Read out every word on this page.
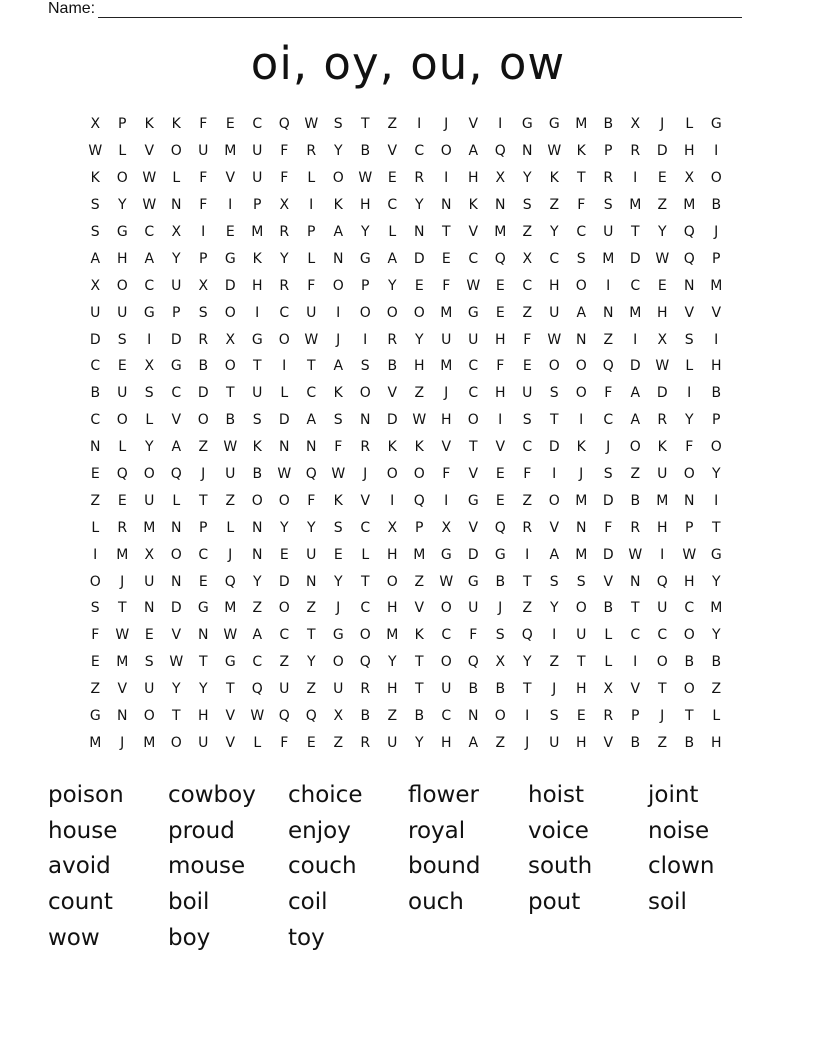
Name:
oi, oy, ou, ow
X	P	K	K	F	E	C	Q	W	S	T	Z	I	J	V	I	G	G	M	B	X	J	L	G
W	L	V	O	U	M	U	F	R	Y	B	V	C	O	A	Q	N	W	K	P	R	D	H	I
K	O	W	L	F	V	U	F	L	O	W	E	R	I	H	X	Y	K	T	R	I	E	X	O
S	Y	W	N	F	I	P	X	I	K	H	C	Y	N	K	N	S	Z	F	S	M	Z	M	B
S	G	C	X	I	E	M	R	P	A	Y	L	N	T	V	M	Z	Y	C	U	T	Y	Q	J
A	H	A	Y	P	G	K	Y	L	N	G	A	D	E	C	Q	X	C	S	M	D	W	Q	P
X	O	C	U	X	D	H	R	F	O	P	Y	E	F	W	E	C	H	O	I	C	E	N	M
U	U	G	P	S	O	I	C	U	I	O	O	O	M	G	E	Z	U	A	N	M	H	V	V
D	S	I	D	R	X	G	O	W	J	I	R	Y	U	U	H	F	W	N	Z	I	X	S	I
C	E	X	G	B	O	T	I	T	A	S	B	H	M	C	F	E	O	O	Q	D	W	L	H
B	U	S	C	D	T	U	L	C	K	O	V	Z	J	C	H	U	S	O	F	A	D	I	B
C	O	L	V	O	B	S	D	A	S	N	D	W	H	O	I	S	T	I	C	A	R	Y	P
N	L	Y	A	Z	W	K	N	N	F	R	K	K	V	T	V	C	D	K	J	O	K	F	O
E	Q	O	Q	J	U	B	W	Q	W	J	O	O	F	V	E	F	I	J	S	Z	U	O	Y
Z	E	U	L	T	Z	O	O	F	K	V	I	Q	I	G	E	Z	O	M	D	B	M	N	I
L	R	M	N	P	L	N	Y	Y	S	C	X	P	X	V	Q	R	V	N	F	R	H	P	T
I	M	X	O	C	J	N	E	U	E	L	H	M	G	D	G	I	A	M	D	W	I	W	G
O	J	U	N	E	Q	Y	D	N	Y	T	O	Z	W	G	B	T	S	S	V	N	Q	H	Y
S	T	N	D	G	M	Z	O	Z	J	C	H	V	O	U	J	Z	Y	O	B	T	U	C	M
F	W	E	V	N	W	A	C	T	G	O	M	K	C	F	S	Q	I	U	L	C	C	O	Y
E	M	S	W	T	G	C	Z	Y	O	Q	Y	T	O	Q	X	Y	Z	T	L	I	O	B	B
Z	V	U	Y	Y	T	Q	U	Z	U	R	H	T	U	B	B	T	J	H	X	V	T	O	Z
G	N	O	T	H	V	W	Q	Q	X	B	Z	B	C	N	O	I	S	E	R	P	J	T	L
M	J	M	O	U	V	L	F	E	Z	R	U	Y	H	A	Z	J	U	H	V	B	Z	B	H
poison	cowboy	choice	flower	hoist	joint
house	proud	enjoy	royal	voice	noise
avoid	mouse	couch	bound	south	clown
count	boil	coil	ouch	pout	soil
wow	boy	toy
